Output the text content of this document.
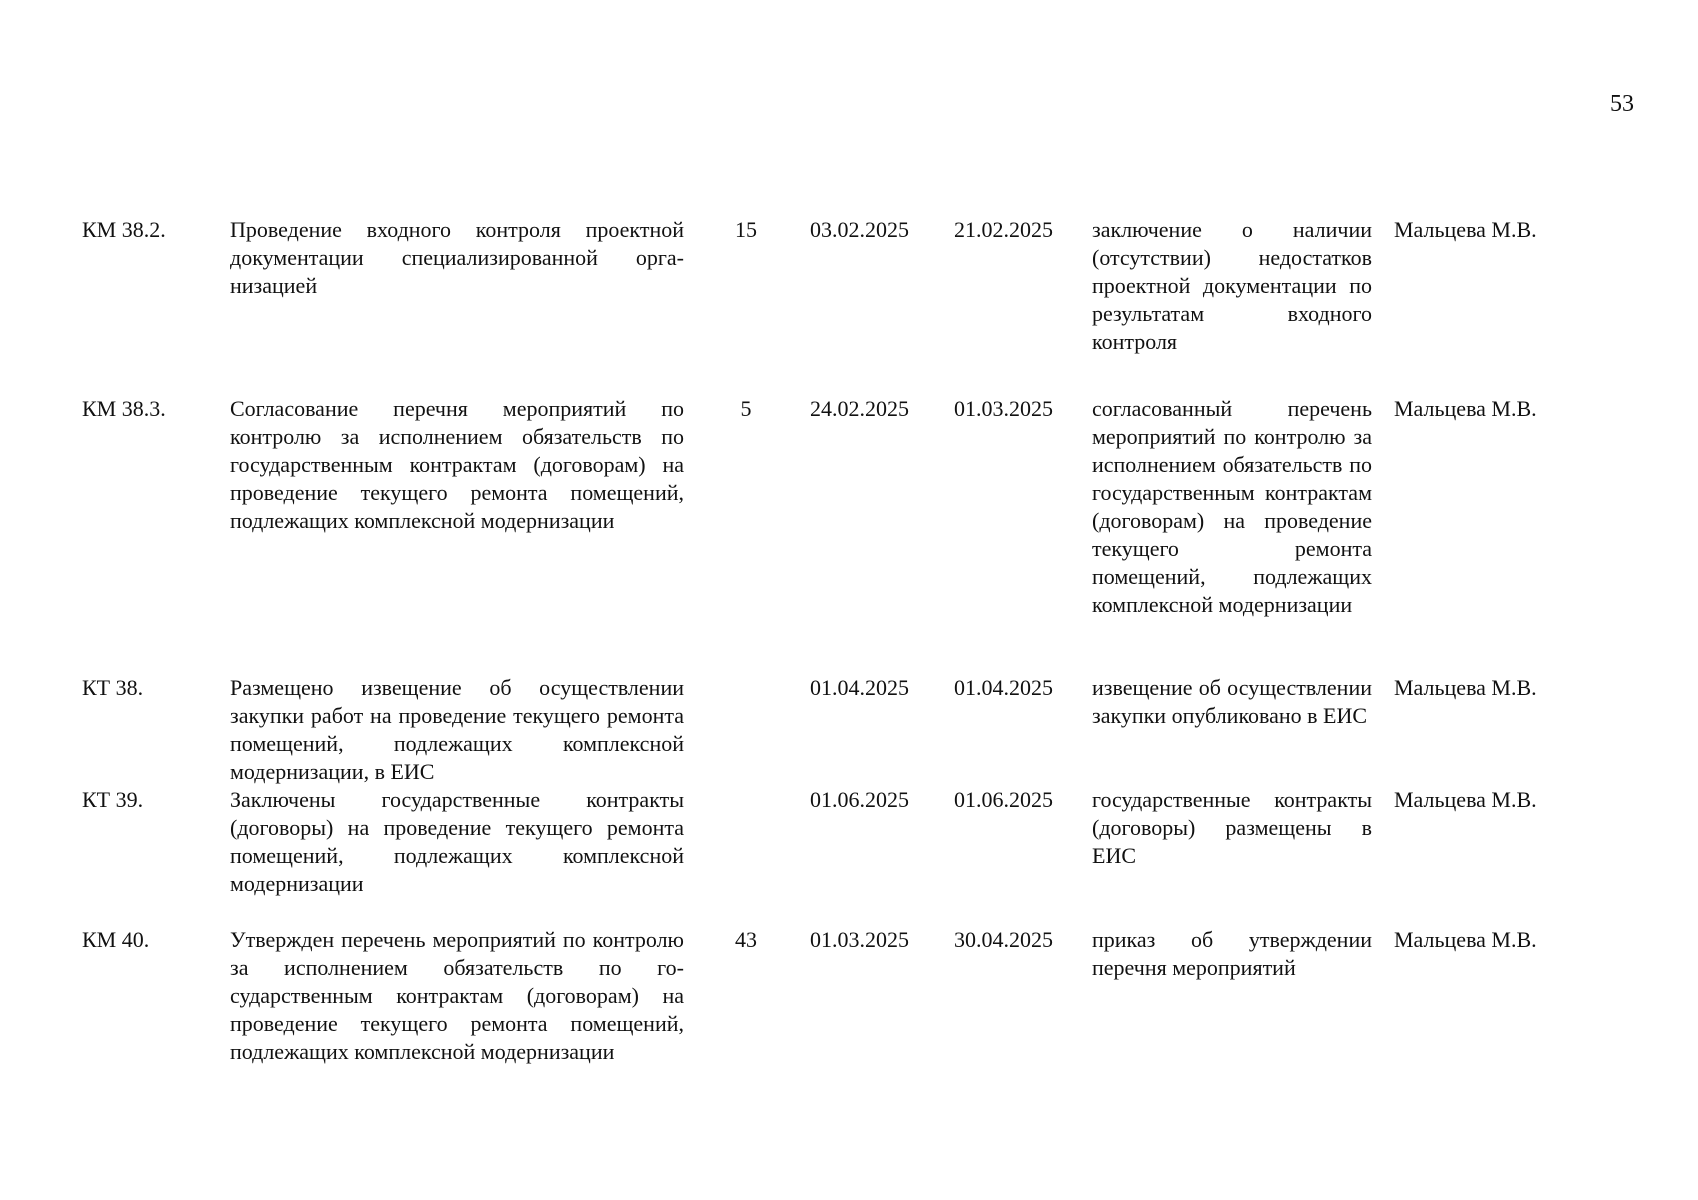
53
КМ 38.2.	Проведение входного контроля проектной документации специализированной организацией
15	03.02.2025	21.02.2025	заключение о наличии (отсутствии) недостатков проектной документации по результатам входного контроля
Мальцева М.В.
КМ 38.3.	Согласование перечня мероприятий по контролю за исполнением обязательств по государственным контрактам (договорам) на проведение текущего ремонта помещений, подлежащих комплексной модернизации
5	24.02.2025	01.03.2025	согласованный перечень мероприятий по контролю за исполнением обязательств по государственным контрактам (договорам) на проведение текущего ремонта помещений, подлежащих комплексной модернизации
Мальцева М.В.
КТ 38.	Размещено извещение об осуществлении закупки работ на проведение текущего ремонта помещений, подлежащих комплексной модернизации, в ЕИС
01.04.2025	01.04.2025	извещение об осуществлении закупки опубликовано в ЕИС
Мальцева М.В.
КТ 39.	Заключены государственные контракты (договоры) на проведение текущего ремонта помещений, подлежащих комплексной модернизации
01.06.2025	01.06.2025	государственные контракты (договоры) размещены в ЕИС
Мальцева М.В.
КМ 40.	Утвержден перечень мероприятий по контролю за исполнением обязательств по государственным контрактам (договорам) на проведение текущего ремонта помещений, подлежащих комплексной модернизации
43	01.03.2025	30.04.2025	приказ об утверждении перечня мероприятий
Мальцева М.В.
